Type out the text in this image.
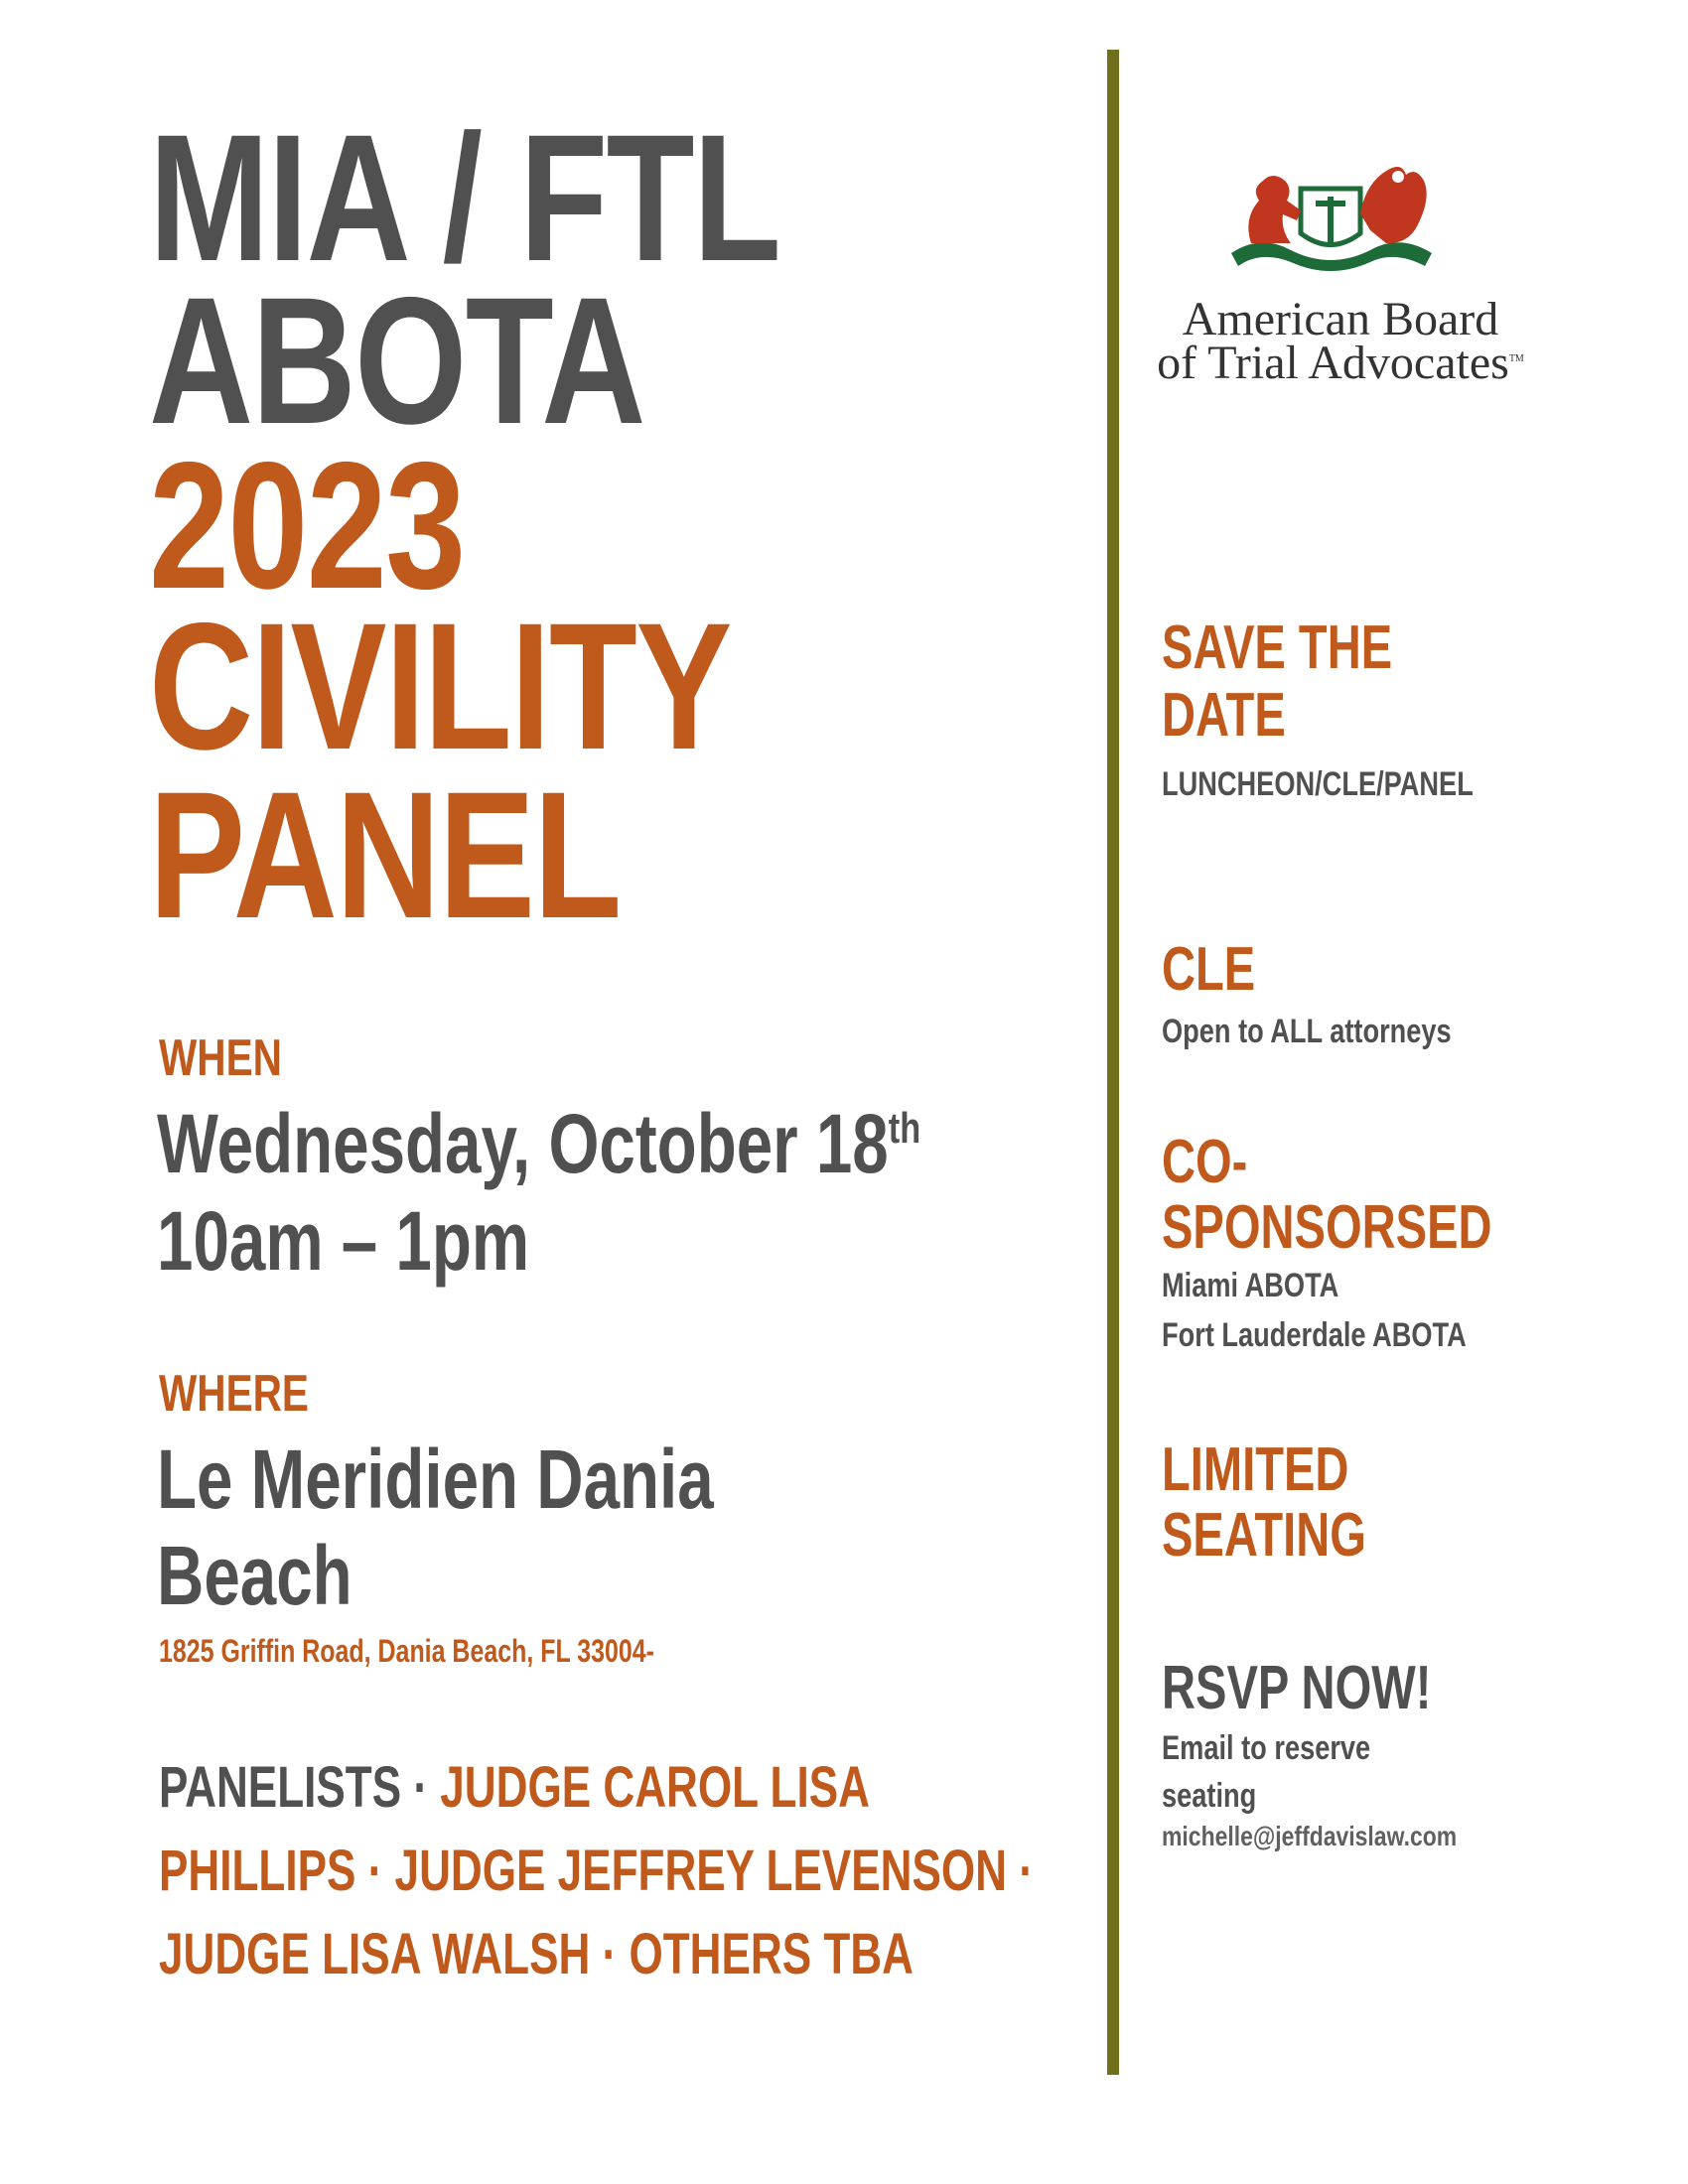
MIA / FTL
ABOTA
2023
CIVILITY
PANEL
WHEN
Wednesday, October 18th
10am – 1pm
WHERE
Le Meridien Dania
Beach
1825 Griffin Road, Dania Beach, FL 33004-
PANELISTS · JUDGE CAROL LISA
PHILLIPS · JUDGE JEFFREY LEVENSON ·
JUDGE LISA WALSH · OTHERS TBA
American Board
of Trial Advocates™
SAVE THE
DATE
LUNCHEON/CLE/PANEL
CLE
Open to ALL attorneys
CO-
SPONSORSED
Miami ABOTA
Fort Lauderdale ABOTA
LIMITED
SEATING
RSVP NOW!
Email to reserve
seating
michelle@jeffdavislaw.com
